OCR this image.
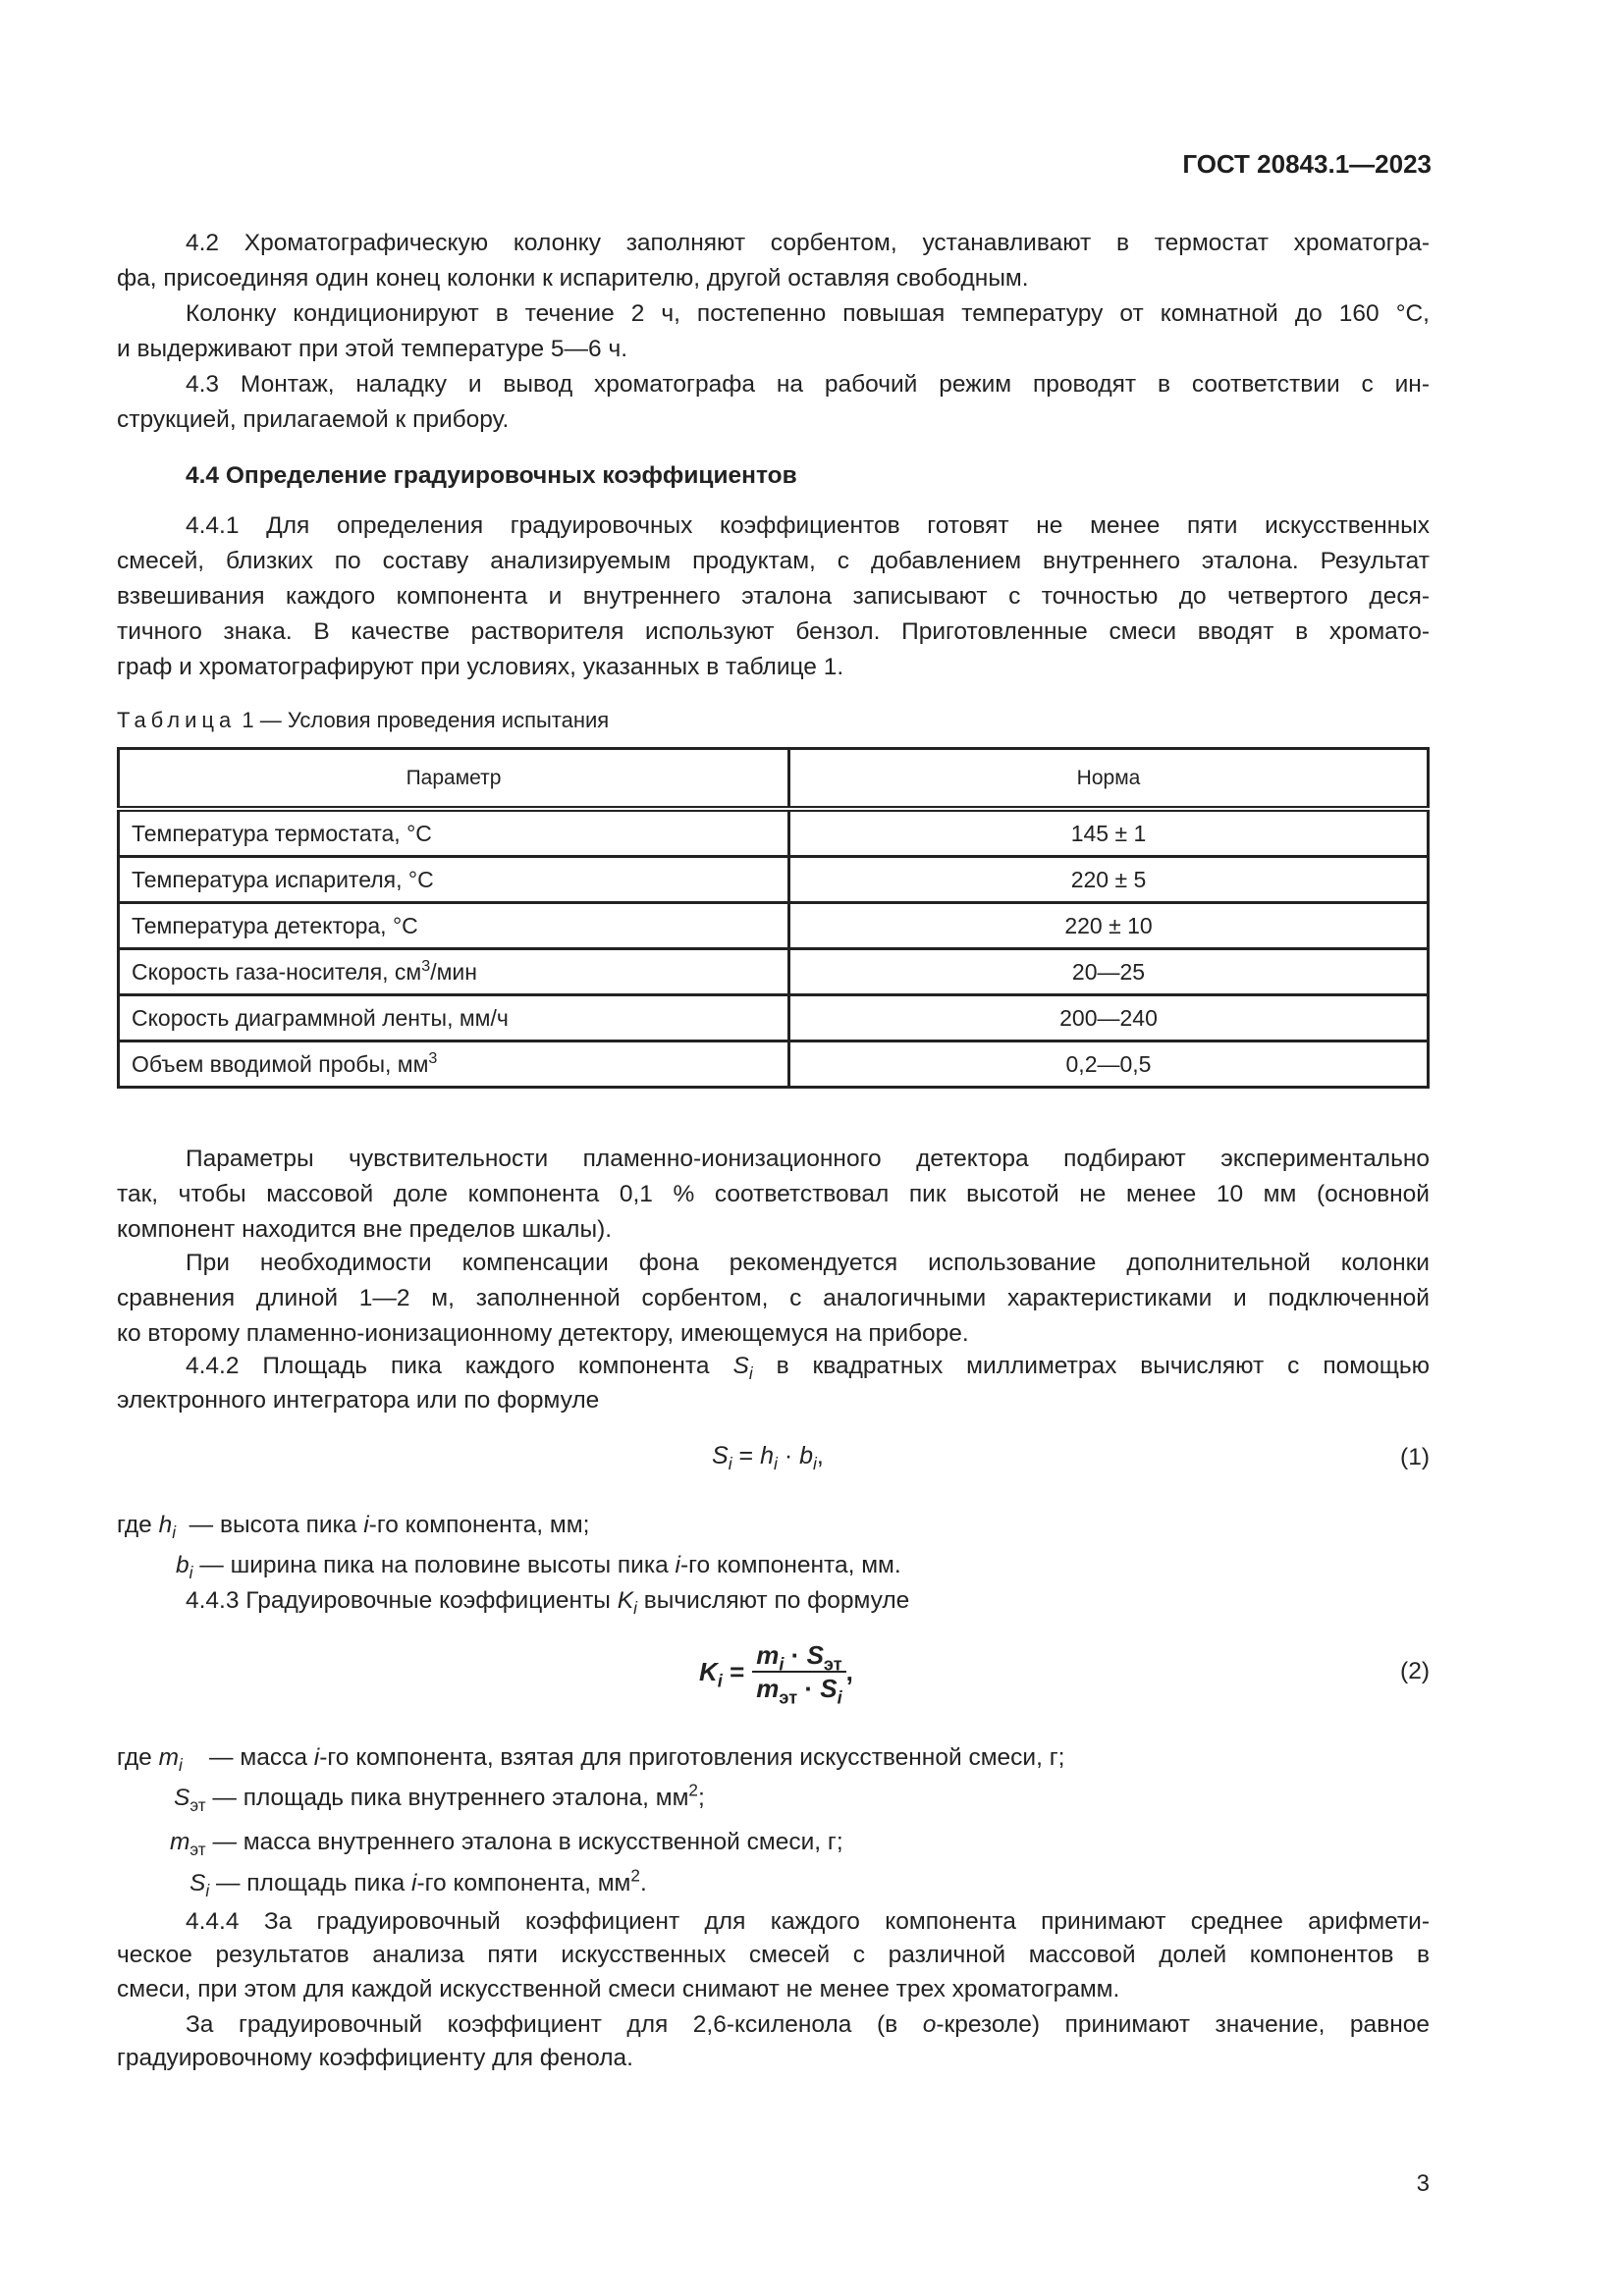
ГОСТ 20843.1—2023
4.2 Хроматографическую колонку заполняют сорбентом, устанавливают в термостат хроматогра-
фа, присоединяя один конец колонки к испарителю, другой оставляя свободным.
Колонку кондиционируют в течение 2 ч, постепенно повышая температуру от комнатной до 160 °С,
и выдерживают при этой температуре 5—6 ч.
4.3 Монтаж, наладку и вывод хроматографа на рабочий режим проводят в соответствии с ин-
струкцией, прилагаемой к прибору.
4.4 Определение градуировочных коэффициентов
4.4.1 Для определения градуировочных коэффициентов готовят не менее пяти искусственных
смесей, близких по составу анализируемым продуктам, с добавлением внутреннего эталона. Результат
взвешивания каждого компонента и внутреннего эталона записывают с точностью до четвертого деся-
тичного знака. В качестве растворителя используют бензол. Приготовленные смеси вводят в хромато-
граф и хроматографируют при условиях, указанных в таблице 1.
Таблица 1 — Условия проведения испытания
Параметр	Норма
Температура термостата, °С	145 ± 1
Температура испарителя, °С	220 ± 5
Температура детектора, °С	220 ± 10
Скорость газа-носителя, $см^3$/мин	20—25
Скорость диаграммной ленты, мм/ч	200—240
Объем вводимой пробы, $мм^3$	0,2—0,5
Параметры чувствительности пламенно-ионизационного детектора подбирают экспериментально
так, чтобы массовой доле компонента 0,1 % соответствовал пик высотой не менее 10 мм (основной
компонент находится вне пределов шкалы).
При необходимости компенсации фона рекомендуется использование дополнительной колонки
сравнения длиной 1—2 м, заполненной сорбентом, с аналогичными характеристиками и подключенной
ко второму пламенно-ионизационному детектору, имеющемуся на приборе.
4.4.2 Площадь пика каждого компонента $S_i$ в квадратных миллиметрах вычисляют с помощью
электронного интегратора или по формуле
$S_i = h_i \cdot b_i$,	(1)
где $h_i$  — высота пика i-го компонента, мм;
$b_i$ — ширина пика на половине высоты пика i-го компонента, мм.
4.4.3 Градуировочные коэффициенты $K_i$ вычисляют по формуле
$K_i = \frac{m_i \cdot S_{эт}}{m_{эт} \cdot S_i}$ ,	(2)
где $m_i$    — масса i-го компонента, взятая для приготовления искусственной смеси, г;
$S_{эт}$ — площадь пика внутреннего эталона, $мм^2$;
$m_{эт}$ — масса внутреннего эталона в искусственной смеси, г;
$S_i$ — площадь пика i-го компонента, $мм^2$.
4.4.4 За градуировочный коэффициент для каждого компонента принимают среднее арифмети-
ческое результатов анализа пяти искусственных смесей с различной массовой долей компонентов в
смеси, при этом для каждой искусственной смеси снимают не менее трех хроматограмм.
За градуировочный коэффициент для 2,6-ксиленола (в о-крезоле) принимают значение, равное
градуировочному коэффициенту для фенола.
3
